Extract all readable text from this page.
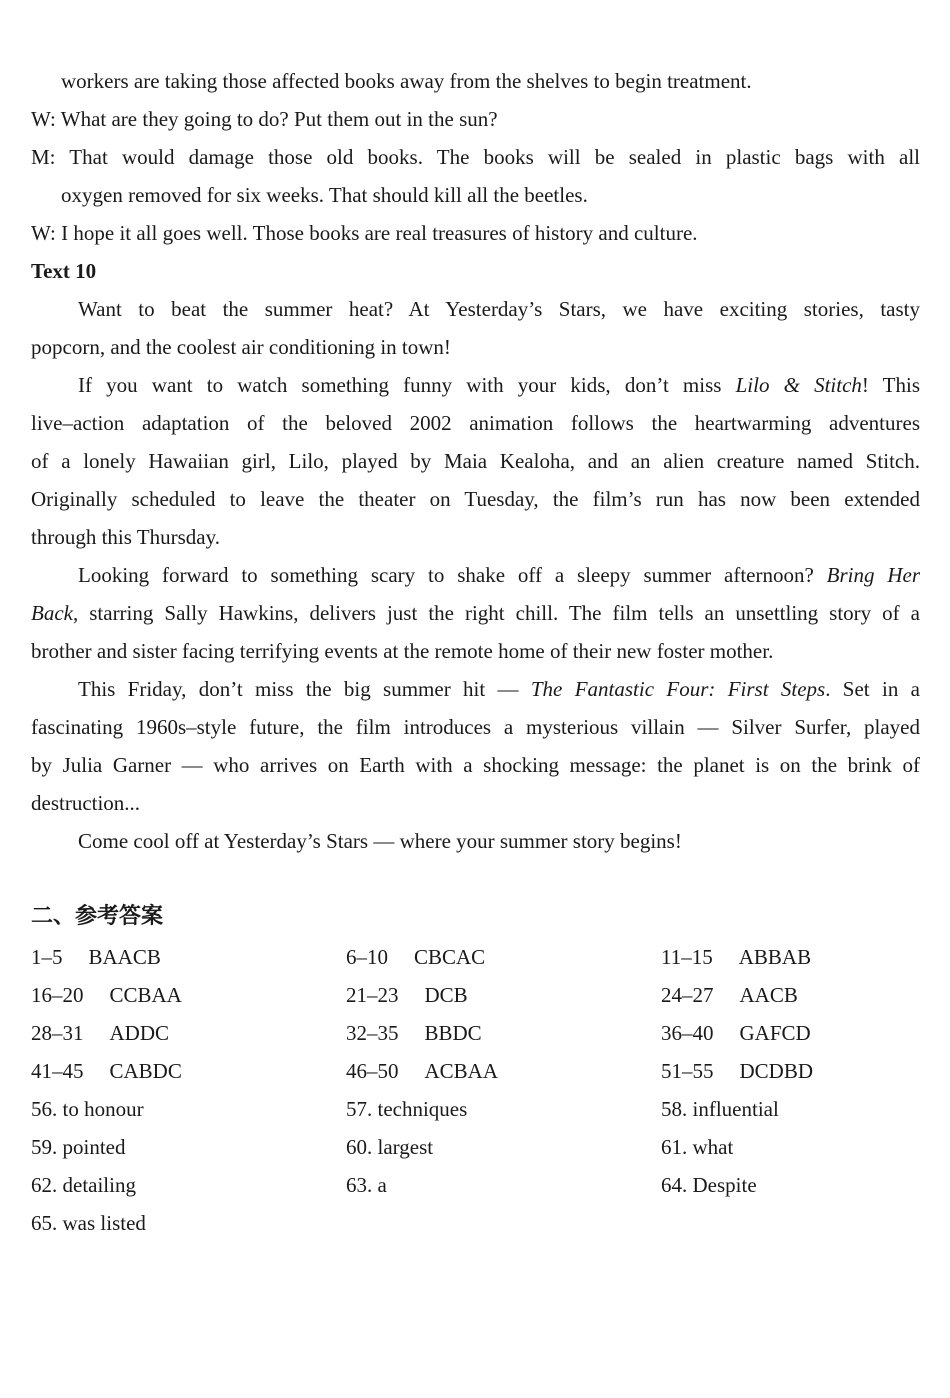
workers are taking those affected books away from the shelves to begin treatment.
W: What are they going to do? Put them out in the sun?
M: That would damage those old books. The books will be sealed in plastic bags with all
oxygen removed for six weeks. That should kill all the beetles.
W: I hope it all goes well. Those books are real treasures of history and culture.
Text 10
Want to beat the summer heat? At Yesterday’s Stars, we have exciting stories, tasty
popcorn, and the coolest air conditioning in town!
If you want to watch something funny with your kids, don’t miss Lilo & Stitch! This
live–action adaptation of the beloved 2002 animation follows the heartwarming adventures
of a lonely Hawaiian girl, Lilo, played by Maia Kealoha, and an alien creature named Stitch.
Originally scheduled to leave the theater on Tuesday, the film’s run has now been extended
through this Thursday.
Looking forward to something scary to shake off a sleepy summer afternoon? Bring Her
Back, starring Sally Hawkins, delivers just the right chill. The film tells an unsettling story of a
brother and sister facing terrifying events at the remote home of their new foster mother.
This Friday, don’t miss the big summer hit — The Fantastic Four: First Steps. Set in a
fascinating 1960s–style future, the film introduces a mysterious villain — Silver Surfer, played
by Julia Garner — who arrives on Earth with a shocking message: the planet is on the brink of
destruction...
Come cool off at Yesterday’s Stars — where your summer story begins!
二、参考答案
1–5 BAACB	6–10 CBCAC	11–15 ABBAB
16–20 CCBAA	21–23 DCB	24–27 AACB
28–31 ADDC	32–35 BBDC	36–40 GAFCD
41–45 CABDC	46–50 ACBAA	51–55 DCDBD
56. to honour	57. techniques	58. influential
59. pointed	60. largest	61. what
62. detailing	63. a	64. Despite
65. was listed
